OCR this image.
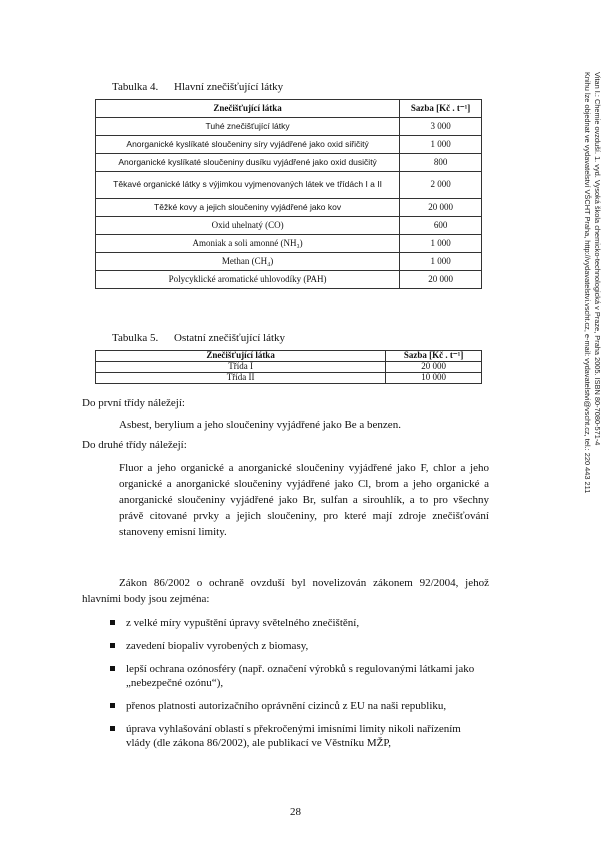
Tabulka 4.	Hlavní znečišťující látky
Znečišťující látka	Sazba [Kč . t⁻¹]
Tuhé znečišťující látky	3 000
Anorganické kyslíkaté sloučeniny síry vyjádřené jako oxid siřičitý	1 000
Anorganické kyslíkaté sloučeniny dusíku vyjádřené jako oxid dusičitý	800
Těkavé organické látky s výjimkou vyjmenovaných látek ve třídách I a II	2 000
Těžké kovy a jejich sloučeniny vyjádřené jako kov	20 000
Oxid uhelnatý (CO)	600
Amoniak a soli amonné (NH₃)	1 000
Methan (CH₄)	1 000
Polycyklické aromatické uhlovodíky (PAH)	20 000
Tabulka 5.	Ostatní znečišťující látky
Znečišťující látka	Sazba [Kč . t⁻¹]
Třída I	20 000
Třída II	10 000
Do první třídy náležejí:
Asbest, berylium a jeho sloučeniny vyjádřené jako Be a benzen.
Do druhé třídy náležejí:
Fluor a jeho organické a anorganické sloučeniny vyjádřené jako F, chlor a jeho organické a anorganické sloučeniny vyjádřené jako Cl, brom a jeho organické a anorganické sloučeniny vyjádřené jako Br, sulfan a sirouhlík, a to pro všechny právě citované prvky a jejich sloučeniny, pro které mají zdroje znečišťování stanoveny emisní limity.
Zákon 86/2002 o ochraně ovzduší byl novelizován zákonem 92/2004, jehož hlavními body jsou zejména:
z velké míry vypuštění úpravy světelného znečištění,
zavedení biopaliv vyrobených z biomasy,
lepší ochrana ozónosféry (např. označení výrobků s regulovanými látkami jako „nebezpečné ozónu“),
přenos platnosti autorizačního oprávnění cizinců z EU na naši republiku,
úprava vyhlašování oblastí s překročenými imisními limity nikoli nařízením vlády (dle zákona 86/2002), ale publikací ve Věstníku MŽP,
28
Vitan I.: Chemie ovzduší. 1. vyd. Vysoká škola chemicko-technologická v Praze, Praha 2005. ISBN 80-7080-571-4
Knihu lze objednat ve vydavatelství VŠCHT Praha, http://vydavatelstvi.vscht.cz, e-mail: vydavatelstvi@vscht.cz, tel.: 220 443 211
